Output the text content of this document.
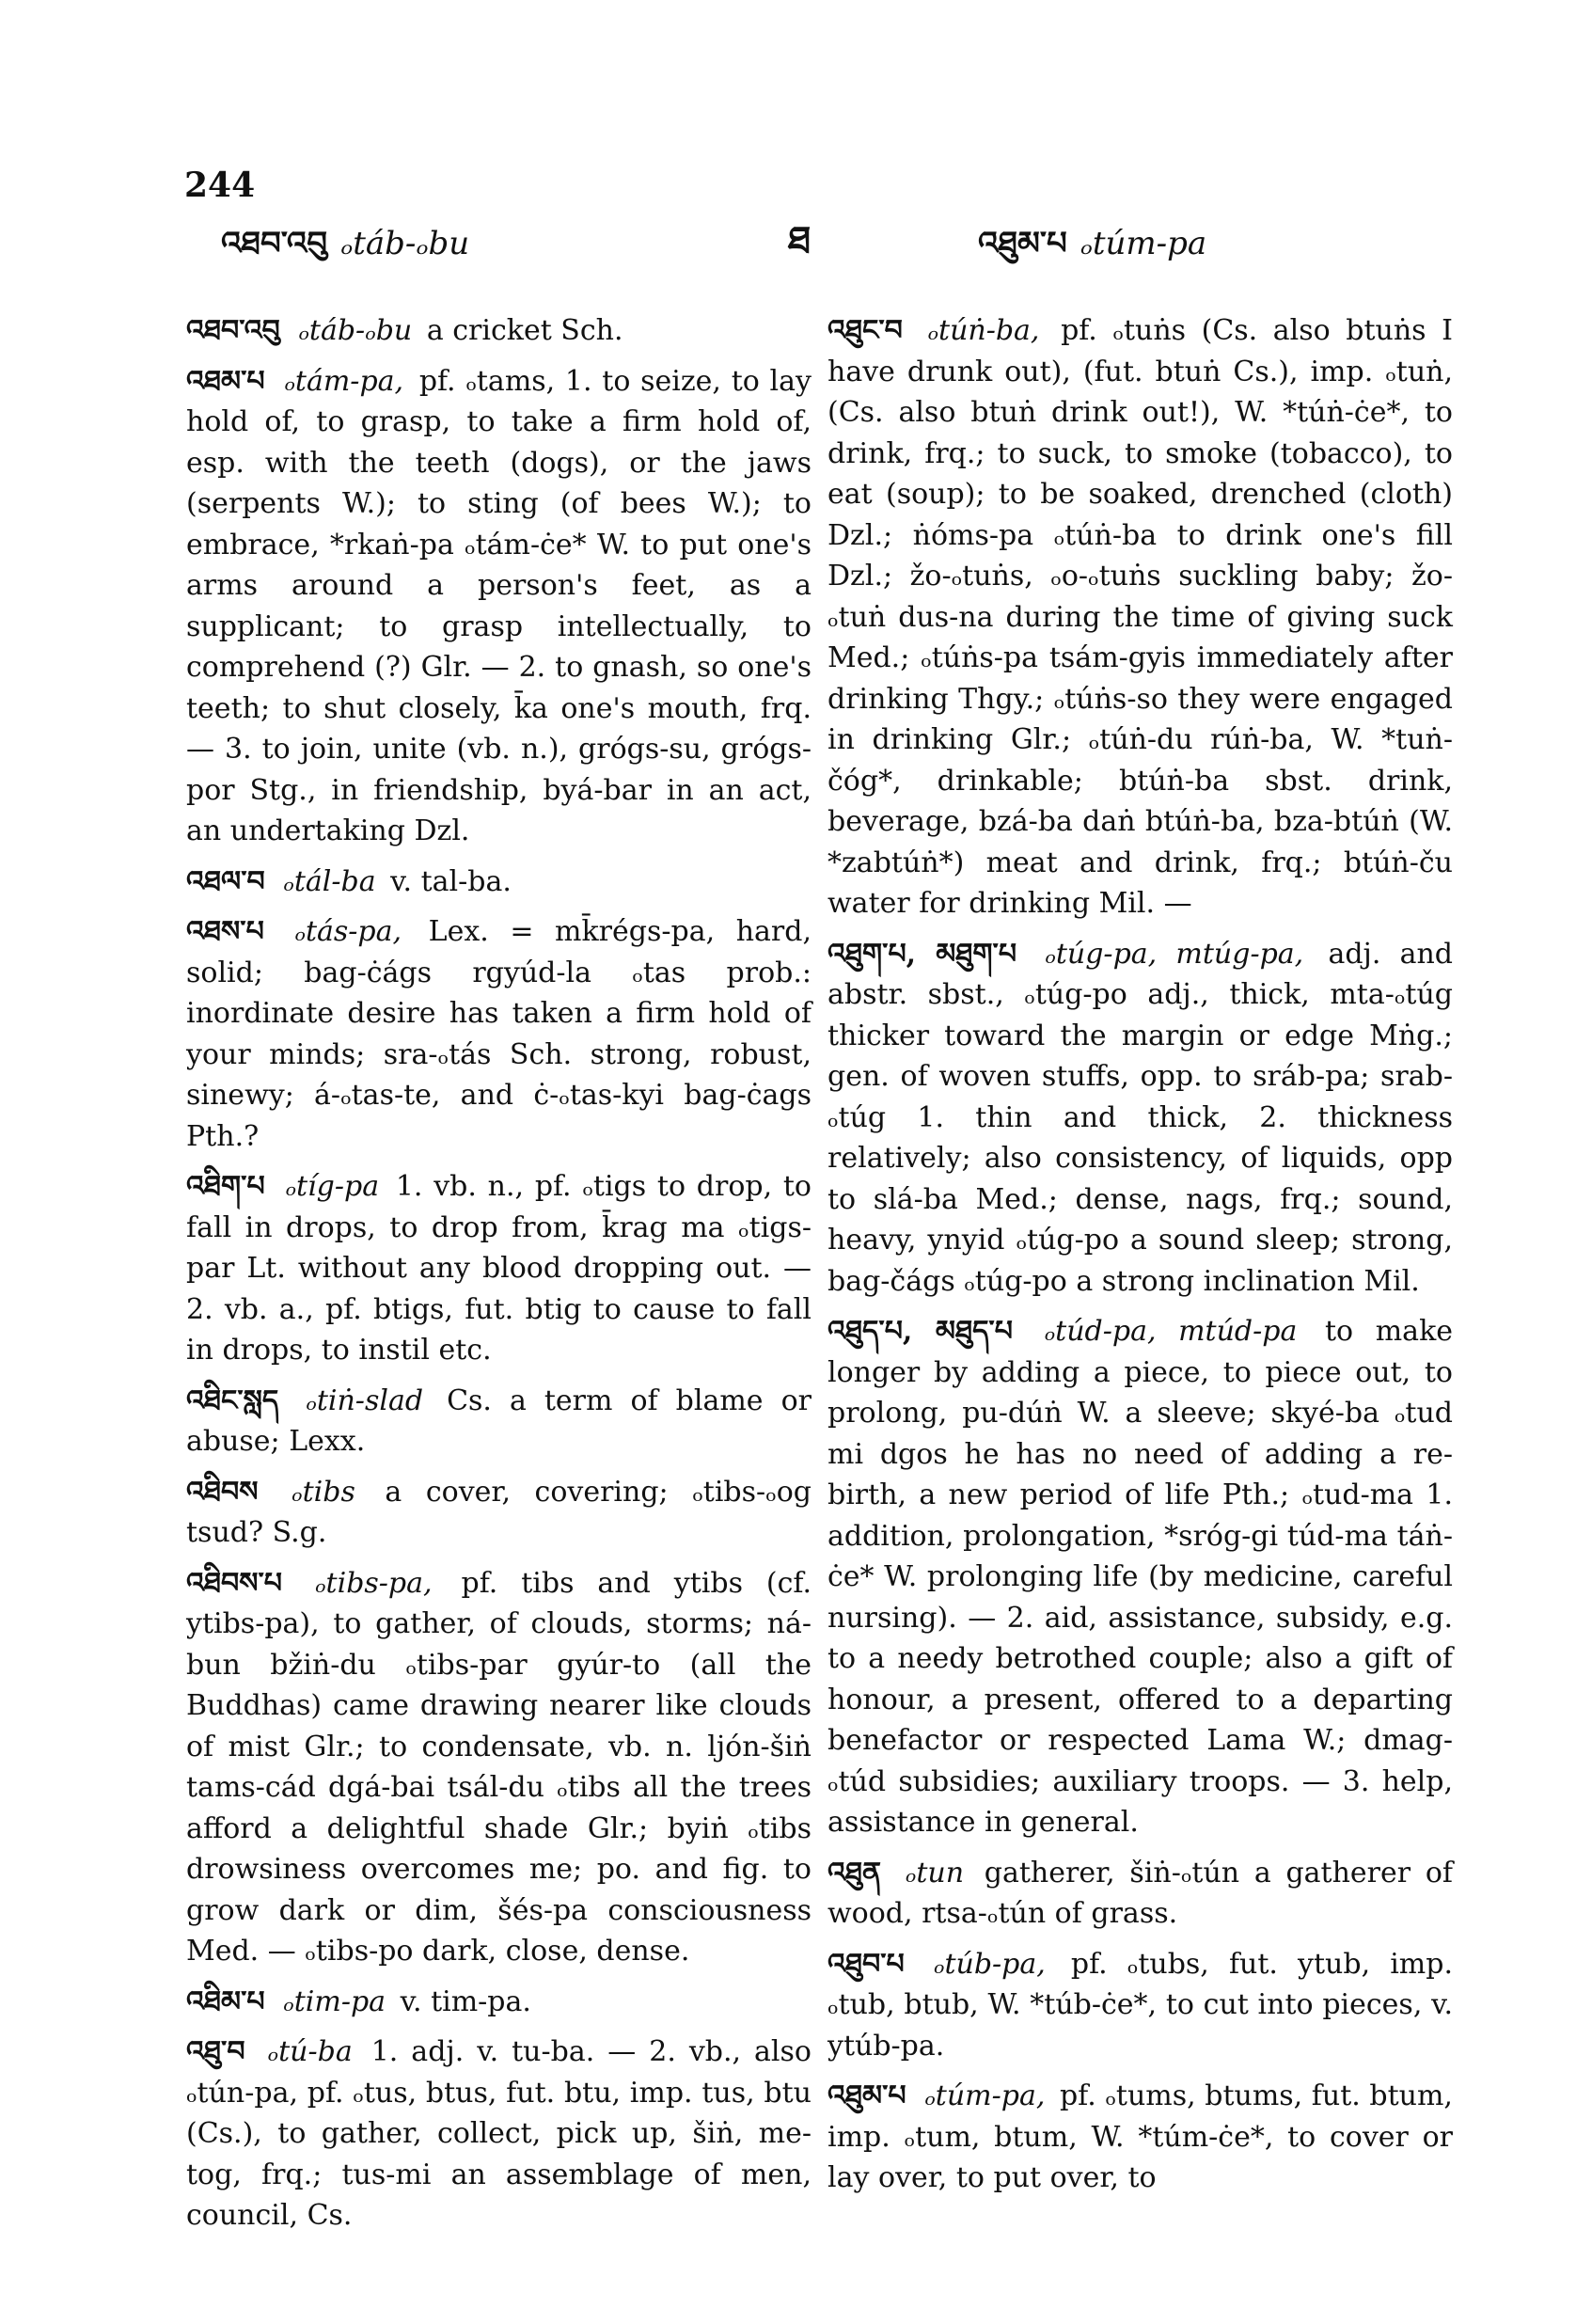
244
འཐབ་འབུ ₒtáb-ₒbu	ཐ	འཐུམ་པ ₒtúm-pa

འཐབ་འབུ ₒtáb-ₒbu a cricket Sch.

འཐམ་པ ₒtám-pa, pf. ₒtams, 1. to seize, to lay hold of, to grasp, to take a firm hold of, esp. with the teeth (dogs), or the jaws (serpents W.); to sting (of bees W.); to embrace, *rkaṅ-pa ₒtám-ċe* W. to put one's arms around a person's feet, as a supplicant; to grasp intellectually, to comprehend (?) Glr. — 2. to gnash, so one's teeth; to shut closely, k̄a one's mouth, frq. — 3. to join, unite (vb. n.), grógs-su, grógs-por Stg., in friendship, byá-bar in an act, an undertaking Dzl.

འཐལ་བ ₒtál-ba v. tal-ba.

འཐས་པ ₒtás-pa, Lex. = mk̄régs-pa, hard, solid; bag-ċágs rgyúd-la ₒtas prob.: inordinate desire has taken a firm hold of your minds; sra-ₒtás Sch. strong, robust, sinewy; á-ₒtas-te, and ċ-ₒtas-kyi bag-ċags Pth.?

འཐིག་པ ₒtíg-pa 1. vb. n., pf. ₒtigs to drop, to fall in drops, to drop from, k̄rag ma ₒtigs-par Lt. without any blood dropping out. — 2. vb. a., pf. btigs, fut. btig to cause to fall in drops, to instil etc.

འཐིང་སླད ₒtiṅ-slad Cs. a term of blame or abuse; Lexx.

འཐིབས ₒtibs a cover, covering; ₒtibs-ₒog tsud? S.g.

འཐིབས་པ ₒtibs-pa, pf. tibs and ytibs (cf. ytibs-pa), to gather, of clouds, storms; ná-bun bžiṅ-du ₒtibs-par gyúr-to (all the Buddhas) came drawing nearer like clouds of mist Glr.; to condensate, vb. n. ljón-šiṅ tams-cád dgá-bai tsál-du ₒtibs all the trees afford a delightful shade Glr.; byiṅ ₒtibs drowsiness overcomes me; po. and fig. to grow dark or dim, šés-pa consciousness Med. — ₒtibs-po dark, close, dense.

འཐིམ་པ ₒtim-pa v. tim-pa.

འཐུ་བ ₒtú-ba 1. adj. v. tu-ba. — 2. vb., also ₒtún-pa, pf. ₒtus, btus, fut. btu, imp. tus, btu (Cs.), to gather, collect, pick up, šiṅ, me-tog, frq.; tus-mi an assemblage of men, council, Cs.

འཐུང་བ ₒtúṅ-ba, pf. ₒtuṅs (Cs. also btuṅs I have drunk out), (fut. btuṅ Cs.), imp. ₒtuṅ, (Cs. also btuṅ drink out!), W. *túṅ-ċe*, to drink, frq.; to suck, to smoke (tobacco), to eat (soup); to be soaked, drenched (cloth) Dzl.; ṅóms-pa ₒtúṅ-ba to drink one's fill Dzl.; žo-ₒtuṅs, ₒo-ₒtuṅs suckling baby; žo-ₒtuṅ dus-na during the time of giving suck Med.; ₒtúṅs-pa tsám-gyis immediately after drinking Thgy.; ₒtúṅs-so they were engaged in drinking Glr.; ₒtúṅ-du rúṅ-ba, W. *tuṅ-čóg*, drinkable; btúṅ-ba sbst. drink, beverage, bzá-ba daṅ btúṅ-ba, bza-btúṅ (W. *zabtúṅ*) meat and drink, frq.; btúṅ-ču water for drinking Mil. —

འཐུག་པ, མཐུག་པ ₒtúg-pa, mtúg-pa, adj. and abstr. sbst., ₒtúg-po adj., thick, mta-ₒtúg thicker toward the margin or edge Mṅg.; gen. of woven stuffs, opp. to sráb-pa; srab-ₒtúg 1. thin and thick, 2. thickness relatively; also consistency, of liquids, opp to slá-ba Med.; dense, nags, frq.; sound, heavy, ynyid ₒtúg-po a sound sleep; strong, bag-čágs ₒtúg-po a strong inclination Mil.

འཐུད་པ, མཐུད་པ ₒtúd-pa, mtúd-pa to make longer by adding a piece, to piece out, to prolong, pu-dúṅ W. a sleeve; skyé-ba ₒtud mi dgos he has no need of adding a re-birth, a new period of life Pth.; ₒtud-ma 1. addition, prolongation, *sróg-gi túd-ma táṅ-ċe* W. prolonging life (by medicine, careful nursing). — 2. aid, assistance, subsidy, e.g. to a needy betrothed couple; also a gift of honour, a present, offered to a departing benefactor or respected Lama W.; dmag-ₒtúd subsidies; auxiliary troops. — 3. help, assistance in general.

འཐུན ₒtun gatherer, šiṅ-ₒtún a gatherer of wood, rtsa-ₒtún of grass.

འཐུབ་པ ₒtúb-pa, pf. ₒtubs, fut. ytub, imp. ₒtub, btub, W. *túb-ċe*, to cut into pieces, v. ytúb-pa.

འཐུམ་པ ₒtúm-pa, pf. ₒtums, btums, fut. btum, imp. ₒtum, btum, W. *túm-ċe*, to cover or lay over, to put over, to
